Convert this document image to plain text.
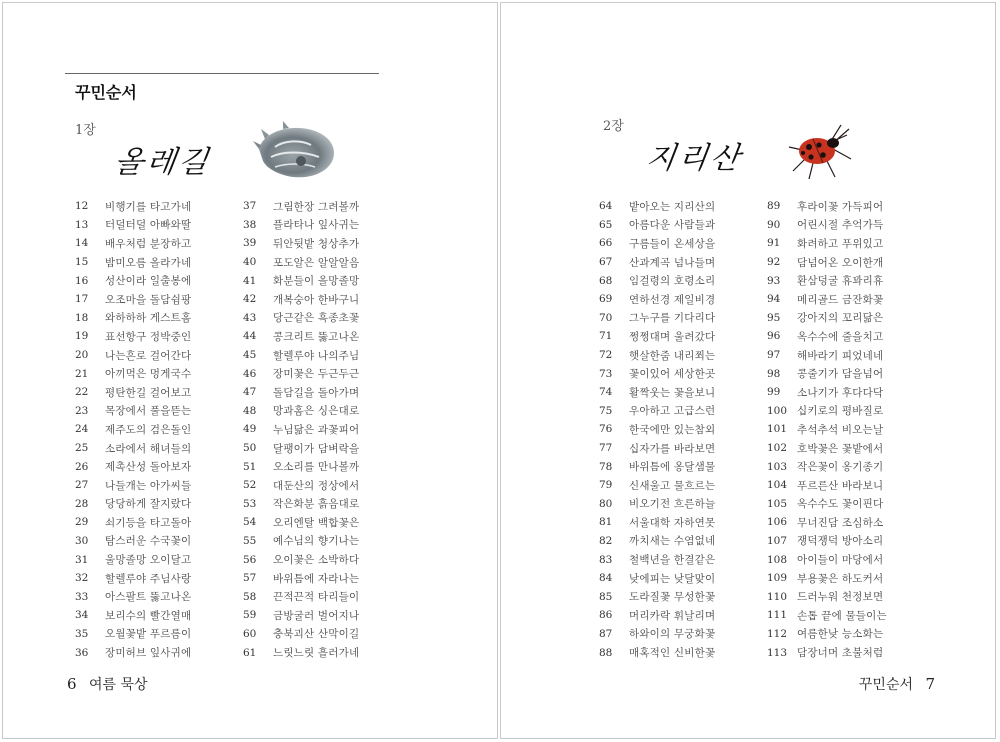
꾸민순서
1장
올레길
12	비행기를 타고가네
13	터덜터덜 아빠와딸
14	배우처럼 분장하고
15	밤미오름 올라가네
16	성산이라 일출봉에
17	오조마을 돌담쉼팡
18	와하하하 게스트홈
19	표선항구 정박중인
20	나는흔로 걸어간다
21	아끼먹은 멍게국수
22	평탄한길 걸어보고
23	목장에서 풀을뜯는
24	제주도의 검은돌인
25	소라에서 해녀들의
26	제촉산성 돌아보자
27	나들개는 아가씨들
28	당당하게 잘지랐다
29	쇠기등을 타고돌아
30	탐스러운 수국꽃이
31	울망졸망 오이달고
32	할렐루야 주님사랑
33	아스팔트 뚫고나온
34	보리수의 빨간열매
35	오월꽃밭 푸르름이
36	장미허브 잎사귀에
37	그림한장 그려볼까
38	플라타나 잎사귀는
39	뒤안뒷밭 청상추가
40	포도알은 알알알음
41	화분들이 올망졸망
42	개복숭아 한바구니
43	당근같은 흑종초꽃
44	콩크리트 뚫고나온
45	할렐루야 나의주님
46	장미꽃은 두근두근
47	돌담길을 돌아가며
48	망과홈은 싱은대로
49	누님닮은 과꽃피어
50	달팽이가 담벼락을
51	오소리를 만나볼까
52	대둔산의 정상에서
53	작은화분 흙음대로
54	오리엔탈 백합꽃은
55	예수님의 향기나는
56	오이꽃은 소박하다
57	바위틈에 자라나는
58	끈적끈적 타리들이
59	금방굴러 벌어지나
60	충북괴산 산막이길
61	느릿느릿 흘러가네
6 여름 묵상
2장
지리산
64	밭아오는 지리산의
65	아름다운 사람들과
66	구름들이 온세상을
67	산과계곡 넘나들며
68	임걸령의 호령소리
69	연하선경 제일비경
70	그누구를 기다리다
71	쩡쩡대며 울려갔다
72	햇살한줌 내리쬐는
73	꽃이있어 세상한곳
74	활짝웃는 꽃을보니
75	우아하고 고급스런
76	한국에만 있는참외
77	십자가를 바라보면
78	바위틈에 옹달샘물
79	신새울고 물흐르는
80	비오기전 흐른하늘
81	서울대학 자하연못
82	까치새는 수염없네
83	철백년을 한결같은
84	낮에피는 낮달맞이
85	도라질꽃 무성한꽃
86	머리카락 휘날리며
87	하와이의 무궁화꽃
88	매혹적인 신비한꽃
89	후라이꽃 가득피어
90	어린시절 추억가득
91	화려하고 푸위있고
92	담넘어온 오이한개
93	환삼덩굴 휴꽈리휴
94	메리골드 금잔화꽃
95	강아지의 꼬리닮은
96	옥수수에 줄을치고
97	해바라기 피었네네
98	콩줄기가 담을넘어
99	소나기가 후다다닥
100 십키로의 평바질로
101 추석추석 비오는날
102 호박꽃은 꽃밭에서
103 작은꽃이 옹기종기
104 푸르른산 바라보니
105 옥수수도 꽃이핀다
106 무너진담 조심하소
107 쟁덕쟁덕 방아소리
108 아이들이 마당에서
109 부용꽃은 하도커서
110 드러누워 천정보면
111 손톱 끝에 물들이는
112 여름한낮 능소화는
113 담장너머 초불처럼
꾸민순서 7
